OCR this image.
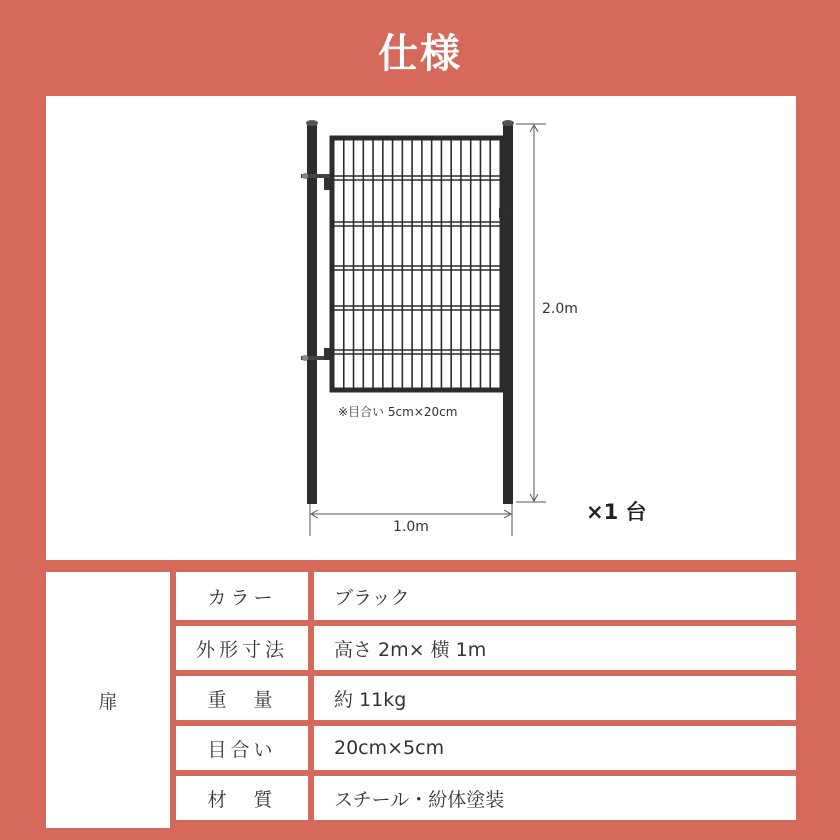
仕様
2.0m
1.0m
※目合い 5cm×20cm
×1 台
扉
カラー	ブラック
外形寸法 高さ 2m× 横 1m
重　量	約 11kg
目合い	20cm×5cm
材　質	スチール・紛体塗装
